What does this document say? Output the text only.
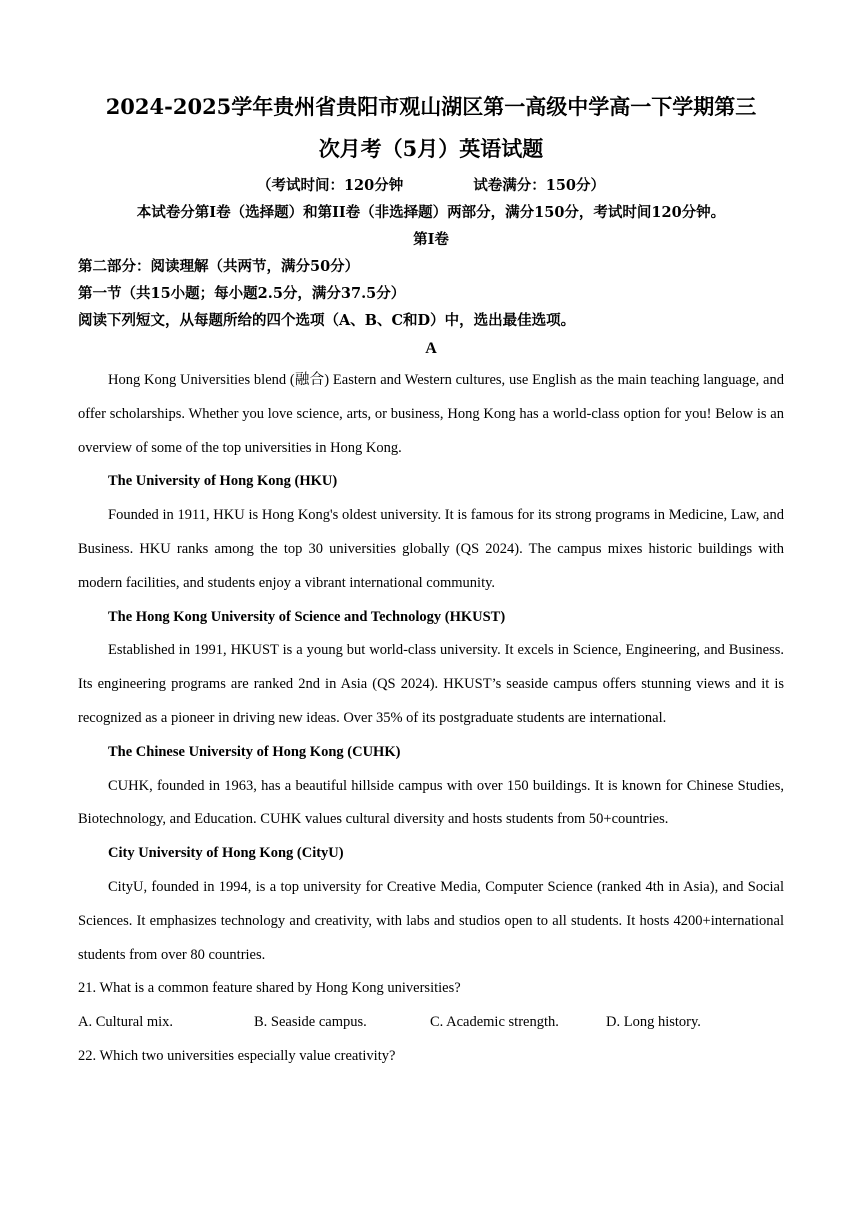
2024-2025学年贵州省贵阳市观山湖区第一高级中学高一下学期第三

次月考（5月）英语试题

（考试时间：120分钟	试卷满分：150分）

本试卷分第I卷（选择题）和第II卷（非选择题）两部分，满分150分，考试时间120分钟。

第I卷

第二部分：阅读理解（共两节，满分50分）

第一节（共15小题；每小题2.5分，满分37.5分）

阅读下列短文，从每题所给的四个选项（A、B、C和D）中，选出最佳选项。

A

Hong Kong Universities blend (融合) Eastern and Western cultures, use English as the main teaching language, and offer scholarships. Whether you love science, arts, or business, Hong Kong has a world-class option for you! Below is an overview of some of the top universities in Hong Kong.

The University of Hong Kong (HKU)

Founded in 1911, HKU is Hong Kong's oldest university. It is famous for its strong programs in Medicine, Law, and Business. HKU ranks among the top 30 universities globally (QS 2024). The campus mixes historic buildings with modern facilities, and students enjoy a vibrant international community.

The Hong Kong University of Science and Technology (HKUST)

Established in 1991, HKUST is a young but world-class university. It excels in Science, Engineering, and Business. Its engineering programs are ranked 2nd in Asia (QS 2024). HKUST’s seaside campus offers stunning views and it is recognized as a pioneer in driving new ideas. Over 35% of its postgraduate students are international.

The Chinese University of Hong Kong (CUHK)

CUHK, founded in 1963, has a beautiful hillside campus with over 150 buildings. It is known for Chinese Studies, Biotechnology, and Education. CUHK values cultural diversity and hosts students from 50+countries.

City University of Hong Kong (CityU)

CityU, founded in 1994, is a top university for Creative Media, Computer Science (ranked 4th in Asia), and Social Sciences. It emphasizes technology and creativity, with labs and studios open to all students. It hosts 4200+international students from over 80 countries.

21. What is a common feature shared by Hong Kong universities?

A. Cultural mix.	B. Seaside campus.	C. Academic strength.	D. Long history.

22. Which two universities especially value creativity?
